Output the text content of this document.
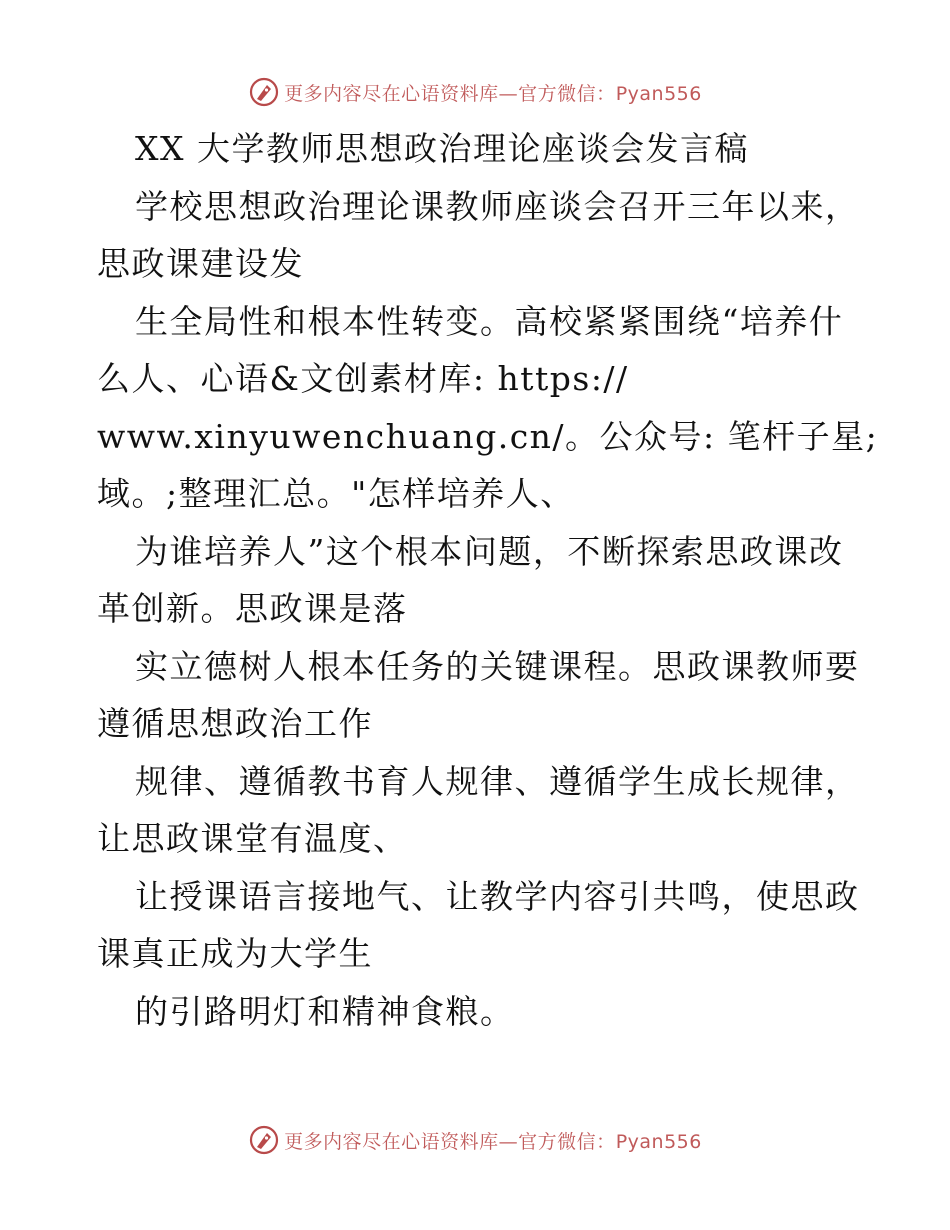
更多内容尽在心语资料库—官方微信：Pyan556
XX 大学教师思想政治理论座谈会发言稿
学校思想政治理论课教师座谈会召开三年以来，
思政课建设发
生全局性和根本性转变。高校紧紧围绕“培养什
么人、心语&文创素材库: https://
www.xinyuwenchuang.cn/。公众号: 笔杆子星;
域。;整理汇总。"怎样培养人、
为谁培养人”这个根本问题，不断探索思政课改
革创新。思政课是落
实立德树人根本任务的关键课程。思政课教师要
遵循思想政治工作
规律、遵循教书育人规律、遵循学生成长规律，
让思政课堂有温度、
让授课语言接地气、让教学内容引共鸣，使思政
课真正成为大学生
的引路明灯和精神食粮。
更多内容尽在心语资料库—官方微信：Pyan556
